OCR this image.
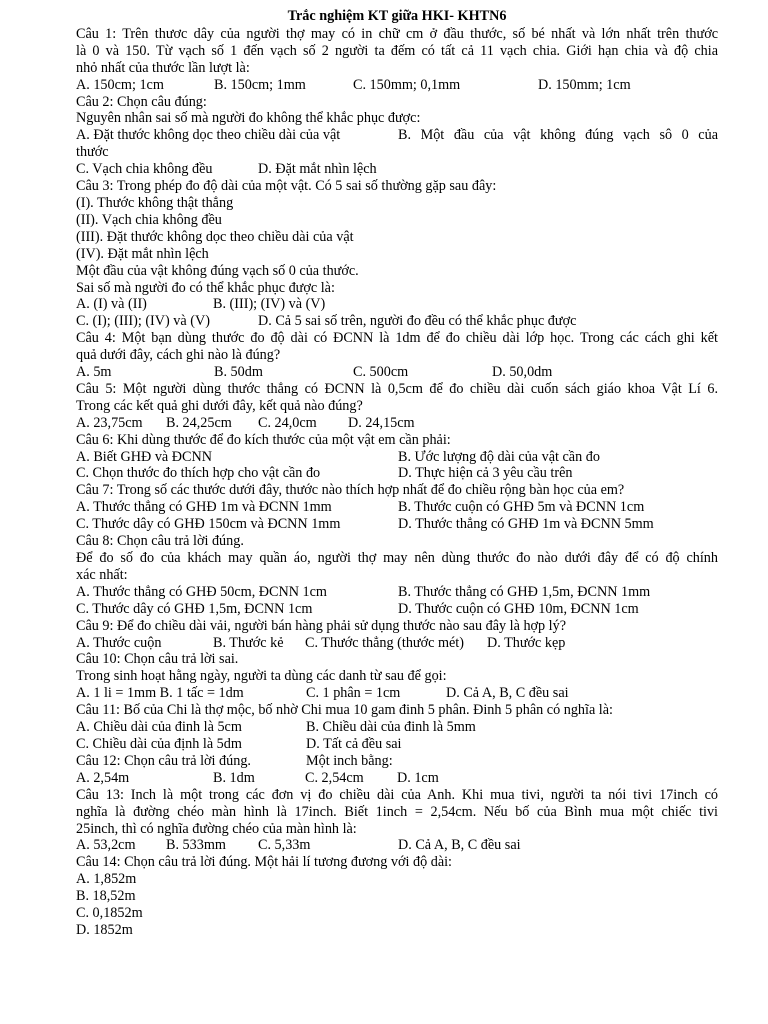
Trắc nghiệm KT giữa HKI- KHTN6
Câu 1: Trên thươc dây của người thợ may có in chữ cm ở đầu thước, số bé nhất và lớn nhất trên thước
là 0 và 150. Từ vạch số 1 đến vạch số 2 người ta đếm có tất cả 11 vạch chia. Giới hạn chia và độ chia
nhỏ nhất của thước lần lượt là:
A. 150cm; 1cm	B. 150cm; 1mm	C. 150mm; 0,1mm	D. 150mm; 1cm
Câu 2: Chọn câu đúng:
Nguyên nhân sai số mà người đo không thể khắc phục được:
A. Đặt thước không dọc theo chiều dài của vật	B. Một đầu của vật không đúng vạch sô 0 của
thước
C. Vạch chia không đều	D. Đặt mắt nhìn lệch
Câu 3: Trong phép đo độ dài của một vật. Có 5 sai số thường gặp sau đây:
(I). Thước không thật thẳng
(II). Vạch chia không đều
(III). Đặt thước không dọc theo chiều dài của vật
(IV). Đặt mắt nhìn lệch
Một đầu của vật không đúng vạch số 0 của thước.
Sai số mà người đo có thể khắc phục được là:
A. (I) và (II)	B. (III); (IV) và (V)
C. (I); (III); (IV) và (V)	D. Cả 5 sai số trên, người đo đều có thể khắc phục được
Câu 4: Một bạn dùng thước đo độ dài có ĐCNN là 1dm để đo chiều dài lớp học. Trong các cách ghi kết
quả dưới đây, cách ghi nào là đúng?
A. 5m	B. 50dm	C. 500cm	D. 50,0dm
Câu 5: Một người dùng thước thẳng có ĐCNN là 0,5cm để đo chiều dài cuốn sách giáo khoa Vật Lí 6.
Trong các kết quả ghi dưới đây, kết quả nào đúng?
A. 23,75cm	B. 24,25cm	C. 24,0cm	D. 24,15cm
Câu 6: Khi dùng thước để đo kích thước của một vật em cần phải:
A. Biết GHĐ và ĐCNN	B. Ước lượng độ dài của vật cần đo
C. Chọn thước đo thích hợp cho vật cần đo	D. Thực hiện cả 3 yêu cầu trên
Câu 7: Trong số các thước dưới đây, thước nào thích hợp nhất để đo chiều rộng bàn học của em?
A. Thước thẳng có GHĐ 1m và ĐCNN 1mm	B. Thước cuộn có GHĐ 5m và ĐCNN 1cm
C. Thước dây có GHĐ 150cm và ĐCNN 1mm	D. Thước thẳng có GHĐ 1m và ĐCNN 5mm
Câu 8: Chọn câu trả lời đúng.
Để đo số đo của khách may quần áo, người thợ may nên dùng thước đo nào dưới đây để có độ chính
xác nhất:
A. Thước thẳng có GHĐ 50cm, ĐCNN 1cm	B. Thước thẳng có GHĐ 1,5m, ĐCNN 1mm
C. Thước dây có GHĐ 1,5m, ĐCNN 1cm	D. Thước cuộn có GHĐ 10m, ĐCNN 1cm
Câu 9: Để đo chiều dài vải, người bán hàng phải sử dụng thước nào sau đây là hợp lý?
A. Thước cuộn	B. Thước kẻ	C. Thước thẳng (thước mét)	D. Thước kẹp
Câu 10: Chọn câu trả lời sai.
Trong sinh hoạt hằng ngày, người ta dùng các danh từ sau để gọi:
A. 1 li = 1mm B. 1 tấc = 1dm	C. 1 phân = 1cm	D. Cả A, B, C đều sai
Câu 11: Bố của Chi là thợ mộc, bố nhờ Chi mua 10 gam đinh 5 phân. Đinh 5 phân có nghĩa là:
A. Chiều dài của đinh là 5cm	B. Chiều dài của đinh là 5mm
C. Chiều dài của định là 5dm	D. Tất cả đều sai
Câu 12: Chọn câu trả lời đúng.	Một inch bằng:
A. 2,54m	B. 1dm	C. 2,54cm	D. 1cm
Câu 13: Inch là một trong các đơn vị đo chiều dài của Anh. Khi mua tivi, người ta nói tivi 17inch có
nghĩa là đường chéo màn hình là 17inch. Biết 1inch = 2,54cm. Nếu bố của Bình mua một chiếc tivi
25inch, thì có nghĩa đường chéo của màn hình là:
A. 53,2cm	B. 533mm	C. 5,33m	D. Cả A, B, C đều sai
Câu 14: Chọn câu trả lời đúng. Một hải lí tương đương với độ dài:
A. 1,852m
B. 18,52m
C. 0,1852m
D. 1852m
